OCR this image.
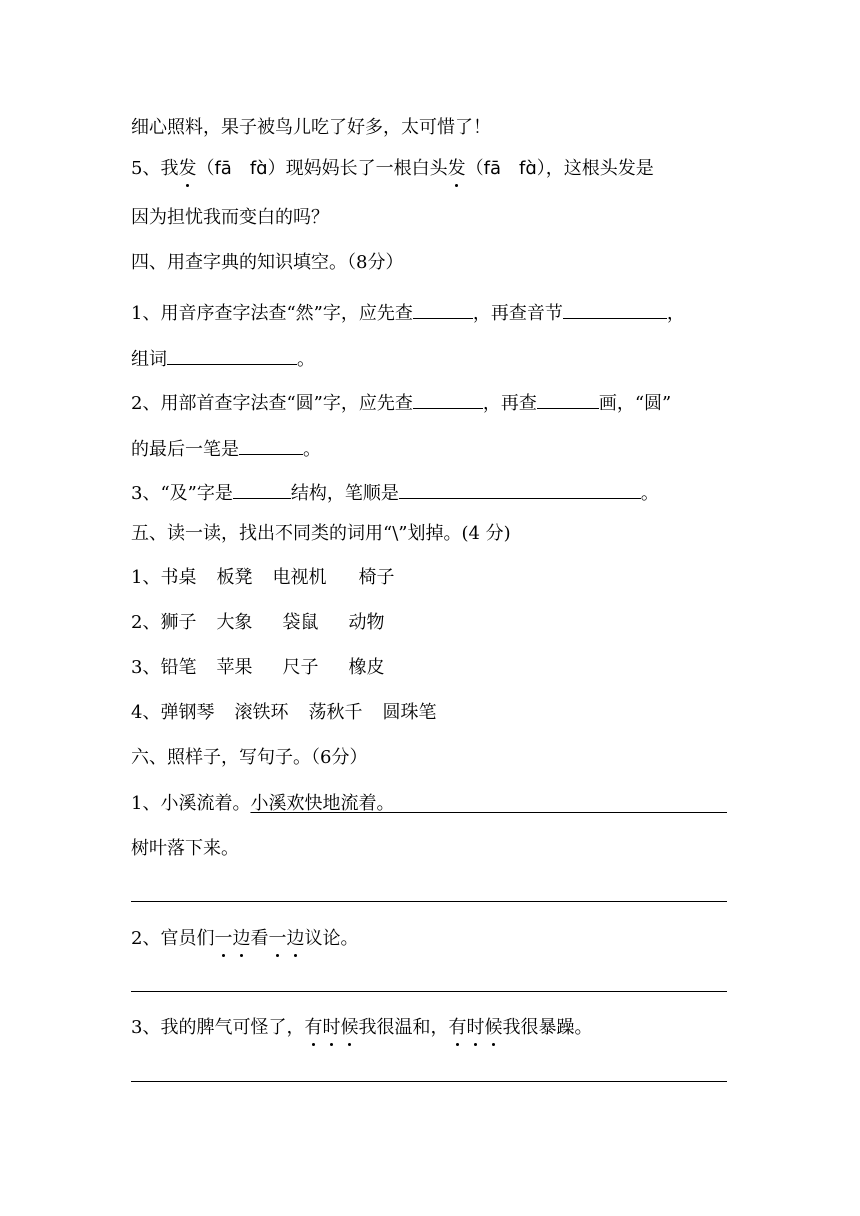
细心照料，果子被鸟儿吃了好多，太可惜了！
5、我发（fā　fɑ̀）现妈妈长了一根白头发（fā　fɑ̀），这根头发是
因为担忧我而变白的吗？
四、用查字典的知识填空。（8分）
1、用音序查字法查“然”字，应先查	，再查音节	，
组词	。
2、用部首查字法查“圆”字，应先查	，再查	画，“圆”
的最后一笔是	。
3、“及”字是	结构，笔顺是	。
五、读一读，找出不同类的词用“\”划掉。(4 分)
1、书桌 板凳 电视机 椅子
2、狮子 大象 袋鼠 动物
3、铅笔 苹果 尺子 橡皮
4、弹钢琴 滚铁环 荡秋千 圆珠笔
六、照样子，写句子。（6分）
1、小溪流着。小溪欢快地流着。
树叶落下来。
2、官员们一边看一边议论。
3、我的脾气可怪了，有时候我很温和，有时候我很暴躁。
